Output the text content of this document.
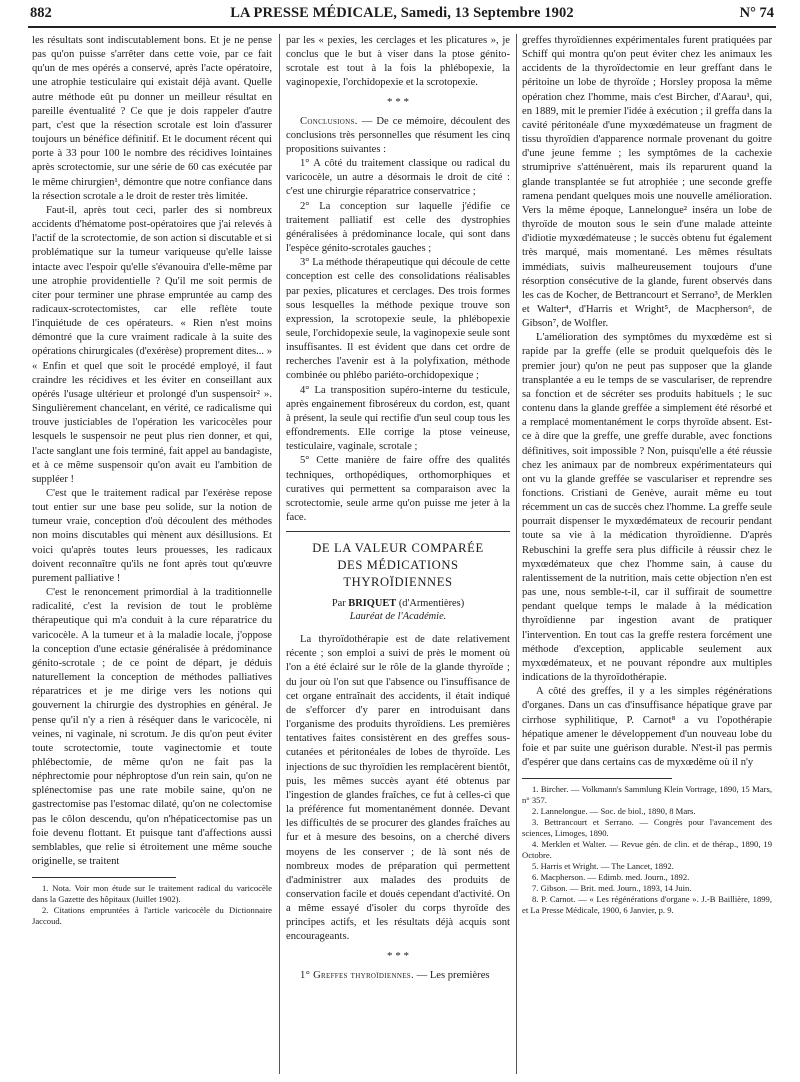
882	LA PRESSE MÉDICALE, Samedi, 13 Septembre 1902	N° 74

les résultats sont indiscutablement bons. Et je ne pense pas qu'on puisse s'arrêter dans cette voie, par ce fait qu'un de mes opérés a conservé, après l'acte opératoire, une atrophie testiculaire qui existait déjà avant. Quelle autre méthode eût pu donner un meilleur résultat en pareille éventualité ? Ce que je dois rappeler d'autre part, c'est que la résection scrotale est loin d'assurer toujours un bénéfice définitif. Et le document récent qui porte à 33 pour 100 le nombre des récidives lointaines après scrotectomie, sur une série de 60 cas exécutée par le même chirurgien¹, démontre que notre confiance dans la résection scrotale a le droit de rester très limitée.

Faut-il, après tout ceci, parler des si nombreux accidents d'hématome post-opératoires que j'ai relevés à l'actif de la scrotectomie, de son action si discutable et si problématique sur la tumeur variqueuse qu'elle laisse intacte avec l'espoir qu'elle s'évanouira d'elle-même par une atrophie providentielle ? Qu'il me soit permis de citer pour terminer une phrase empruntée au camp des radicaux-scrotectomistes, car elle reflète toute l'inquiétude de ces opérateurs. « Rien n'est moins démontré que la cure vraiment radicale à la suite des opérations chirurgicales (d'exérèse) proprement dites... » « Enfin et quel que soit le procédé employé, il faut craindre les récidives et les éviter en conseillant aux opérés l'usage ultérieur et prolongé d'un suspensoir² ». Singulièrement chancelant, en vérité, ce radicalisme qui trouve justiciables de l'opération les varicocèles pour lesquels le suspensoir ne peut plus rien donner, et qui, l'acte sanglant une fois terminé, fait appel au bandagiste, et à ce même suspensoir qu'on avait eu l'ambition de suppléer !

C'est que le traitement radical par l'exérèse repose tout entier sur une base peu solide, sur la notion de tumeur vraie, conception d'où découlent des méthodes non moins discutables qui mènent aux désillusions. Et voici qu'après toutes leurs prouesses, les radicaux doivent reconnaître qu'ils ne font après tout qu'œuvre purement palliative !

C'est le renoncement primordial à la traditionnelle radicalité, c'est la revision de tout le problème thérapeutique qui m'a conduit à la cure réparatrice du varicocèle. A la tumeur et à la maladie locale, j'oppose la conception d'une ectasie généralisée à prédominance génito-scrotale ; de ce point de départ, je déduis naturellement la conception de méthodes palliatives réparatrices et je me dirige vers les notions qui gouvernent la chirurgie des dystrophies en général. Je pense qu'il n'y a rien à réséquer dans le varicocèle, ni veines, ni vaginale, ni scrotum. Je dis qu'on peut éviter toute scrotectomie, toute vaginectomie et toute phlébectomie, de même qu'on ne fait pas la néphrectomie pour néphroptose d'un rein sain, qu'on ne splénectomise pas une rate mobile saine, qu'on ne gastrectomise pas l'estomac dilaté, qu'on ne colectomise pas le côlon descendu, qu'on n'hépaticectomise pas un foie devenu flottant. Et puisque tant d'affections aussi semblables, que relie si étroitement une même souche originelle, se traitent

1. Nota. Voir mon étude sur le traitement radical du varicocèle dans la Gazette des hôpitaux (Juillet 1902).

2. Citations empruntées à l'article varicocèle du Dictionnaire Jaccoud.

par les « pexies, les cerclages et les plicatures », je conclus que le but à viser dans la ptose génito-scrotale est tout à la fois la phlébopexie, la vaginopexie, l'orchidopexie et la scrotopexie.

* * *

Conclusions. — De ce mémoire, découlent des conclusions très personnelles que résument les cinq propositions suivantes :

1° A côté du traitement classique ou radical du varicocèle, un autre a désormais le droit de cité : c'est une chirurgie réparatrice conservatrice ;

2° La conception sur laquelle j'édifie ce traitement palliatif est celle des dystrophies généralisées à prédominance locale, qui sont dans l'espèce génito-scrotales gauches ;

3° La méthode thérapeutique qui découle de cette conception est celle des consolidations réalisables par pexies, plicatures et cerclages. Des trois formes sous lesquelles la méthode pexique trouve son expression, la scrotopexie seule, la phlébopexie seule, l'orchidopexie seule, la vaginopexie seule sont insuffisantes. Il est évident que dans cet ordre de recherches l'avenir est à la polyfixation, méthode combinée ou phlébo pariéto-orchidopexique ;

4° La transposition supéro-interne du testicule, après engainement fibroséreux du cordon, est, quant à présent, la seule qui rectifie d'un seul coup tous les effondrements. Elle corrige la ptose veineuse, testiculaire, vaginale, scrotale ;

5° Cette manière de faire offre des qualités techniques, orthopédiques, orthomorphiques et curatives qui permettent sa comparaison avec la scrotectomie, seule arme qu'on puisse me jeter à la face.

DE LA VALEUR COMPARÉE
DES MÉDICATIONS THYROÏDIENNES
Par BRIQUET (d'Armentières)
Lauréat de l'Académie.

La thyroïdothérapie est de date relativement récente ; son emploi a suivi de près le moment où l'on a été éclairé sur le rôle de la glande thyroïde ; du jour où l'on sut que l'absence ou l'insuffisance de cet organe entraînait des accidents, il était indiqué de s'efforcer d'y parer en introduisant dans l'organisme des produits thyroïdiens. Les premières tentatives faites consistèrent en des greffes sous-cutanées et péritonéales de lobes de thyroïde. Les injections de suc thyroïdien les remplacèrent bientôt, puis, les mêmes succès ayant été obtenus par l'ingestion de glandes fraîches, ce fut à celles-ci que la préférence fut momentanément donnée. Devant les difficultés de se procurer des glandes fraîches au fur et à mesure des besoins, on a cherché divers moyens de les conserver ; de là sont nés de nombreux modes de préparation qui permettent d'administrer aux malades des produits de conservation facile et doués cependant d'activité. On a même essayé d'isoler du corps thyroïde des principes actifs, et les résultats déjà acquis sont encourageants.

* * *

1° Greffes thyroïdiennes. — Les premières

greffes thyroïdiennes expérimentales furent pratiquées par Schiff qui montra qu'on peut éviter chez les animaux les accidents de la thyroïdectomie en leur greffant dans le péritoine un lobe de thyroïde ; Horsley proposa la même opération chez l'homme, mais c'est Bircher, d'Aarau¹, qui, en 1889, mit le premier l'idée à exécution ; il greffa dans la cavité péritonéale d'une myxœdémateuse un fragment de tissu thyroïdien d'apparence normale provenant du goitre d'une jeune femme ; les symptômes de la cachexie strumiprive s'atténuèrent, mais ils reparurent quand la glande transplantée se fut atrophiée ; une seconde greffe ramena pendant quelques mois une nouvelle amélioration. Vers la même époque, Lannelongue² inséra un lobe de thyroïde de mouton sous le sein d'une malade atteinte d'idiotie myxœdémateuse ; le succès obtenu fut également très marqué, mais momentané. Les mêmes résultats immédiats, suivis malheureusement toujours d'une résorption consécutive de la glande, furent observés dans les cas de Kocher, de Bettrancourt et Serrano³, de Merklen et Walter⁴, d'Harris et Wright⁵, de Macpherson⁶, de Gibson⁷, de Wolfler.

L'amélioration des symptômes du myxœdème est si rapide par la greffe (elle se produit quelquefois dès le premier jour) qu'on ne peut pas supposer que la glande transplantée a eu le temps de se vasculariser, de reprendre sa fonction et de sécréter ses produits habituels ; le suc contenu dans la glande greffée a simplement été résorbé et a remplacé momentanément le corps thyroïde absent. Est-ce à dire que la greffe, une greffe durable, avec fonctions définitives, soit impossible ? Non, puisqu'elle a été réussie chez les animaux par de nombreux expérimentateurs qui ont vu la glande greffée se vasculariser et reprendre ses fonctions. Cristiani de Genève, aurait même eu tout récemment un cas de succès chez l'homme. La greffe seule pourrait dispenser le myxœdémateux de recourir pendant toute sa vie à la médication thyroïdienne. D'après Rebuschini la greffe sera plus difficile à réussir chez le myxœdémateux que chez l'homme sain, à cause du ralentissement de la nutrition, mais cette objection n'en est pas une, nous semble-t-il, car il suffirait de soumettre pendant quelque temps le malade à la médication thyroïdienne par ingestion avant de pratiquer l'intervention. En tout cas la greffe restera forcément une méthode d'exception, applicable seulement aux myxœdémateux, et ne pouvant répondre aux multiples indications de la thyroïdothérapie.

A côté des greffes, il y a les simples régénérations d'organes. Dans un cas d'insuffisance hépatique grave par cirrhose syphilitique, P. Carnot⁸ a vu l'opothérapie hépatique amener le développement d'un nouveau lobe du foie et par suite une guérison durable. N'est-il pas permis d'espérer que dans certains cas de myxœdème où il n'y

1. Bircher. — Volkmann's Sammlung Klein Vortrage, 1890, 15 Mars, n° 357.

2. Lannelongue. — Soc. de biol., 1890, 8 Mars.

3. Bettrancourt et Serrano. — Congrès pour l'avancement des sciences, Limoges, 1890.

4. Merklen et Walter. — Revue gén. de clin. et de thérap., 1890, 19 Octobre.

5. Harris et Wright. — The Lancet, 1892.

6. Macpherson. — Edimb. med. Journ., 1892.

7. Gibson. — Brit. med. Journ., 1893, 14 Juin.

8. P. Carnot. — « Les régénérations d'organe ». J.-B Baillière, 1899, et La Presse Médicale, 1900, 6 Janvier, p. 9.
